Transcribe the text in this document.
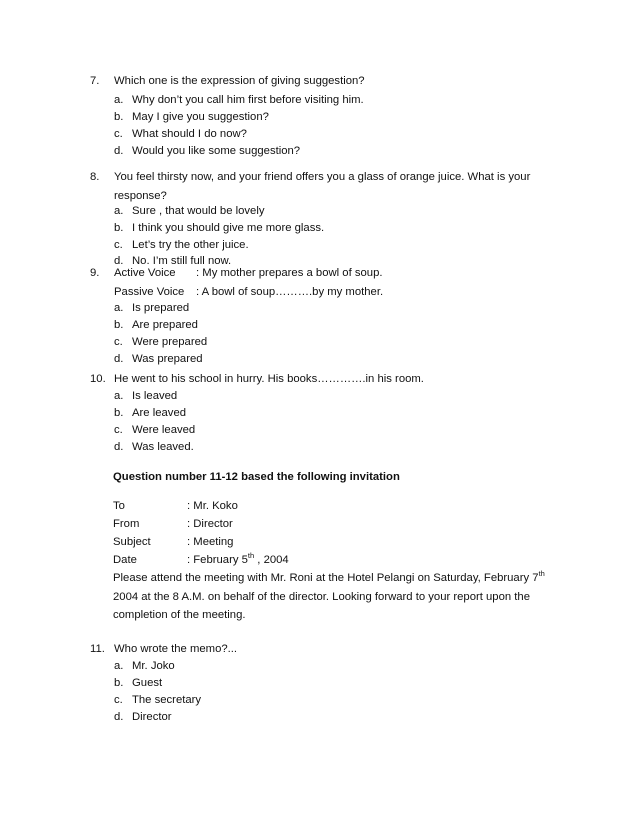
7.	Which one is the expression of giving suggestion?
a. Why don’t you call him first before visiting him.
b. May I give you suggestion?
c. What should I do now?
d. Would you like some suggestion?
8.	You feel thirsty now, and your friend offers you a glass of orange juice. What is your response?
a. Sure , that would be lovely
b. I think you should give me more glass.
c. Let’s try the other juice.
d. No. I’m still full now.
9.	Active Voice : My mother prepares a bowl of soup.
Passive Voice : A bowl of soup……….by my mother.
a. Is prepared
b. Are prepared
c. Were prepared
d. Was prepared
10. He went to his school in hurry. His books………….in his room.
a. Is leaved
b. Are leaved
c. Were leaved
d. Was leaved.
Question number 11-12 based the following invitation
To	: Mr. Koko
From	: Director
Subject	: Meeting
Date	: February 5th , 2004
Please attend the meeting with Mr. Roni at the Hotel Pelangi on Saturday, February 7th 2004 at the 8 A.M. on behalf of the director. Looking forward to your report upon the completion of the meeting.
11. Who wrote the memo?...
a. Mr. Joko
b. Guest
c. The secretary
d. Director
